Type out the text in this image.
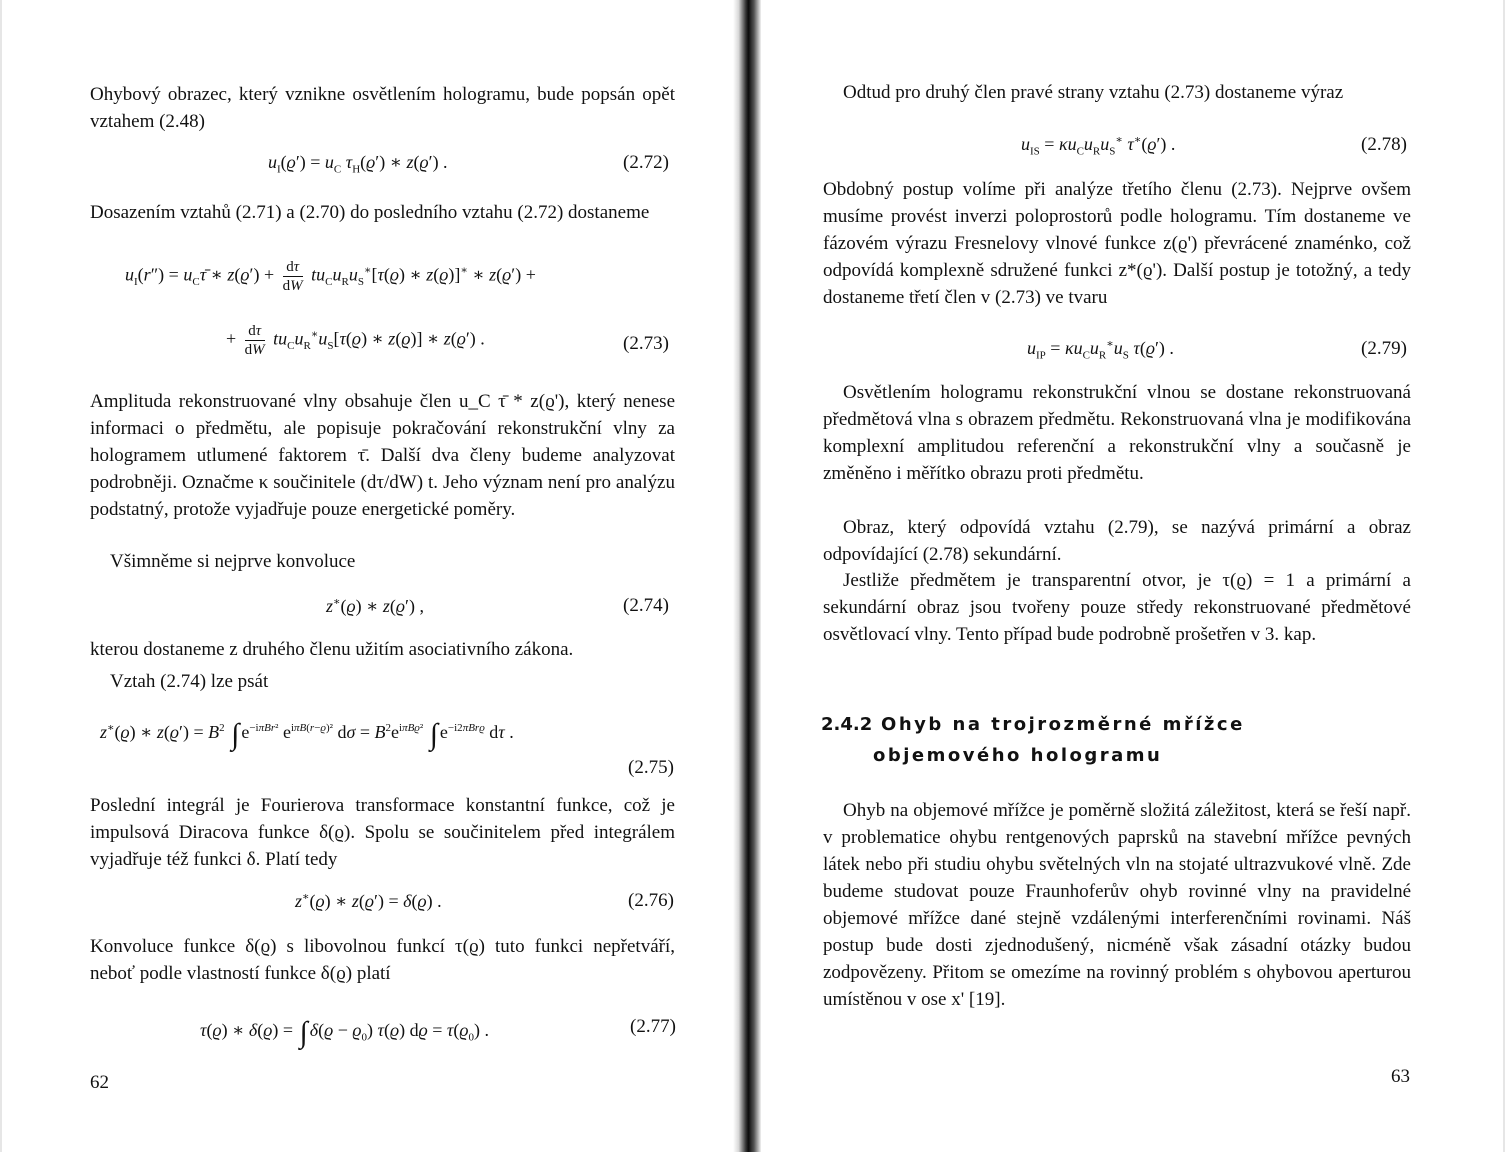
Ohybový obrazec, který vznikne osvětlením hologramu, bude popsán opět vztahem (2.48)

$u_I(ϱ') = u_C$ $\tau_H(ϱ')$ ∗ z(ϱ′) .	(2.72)

Dosazením vztahů (2.71) a (2.70) do posledního vztahu (2.72) dostaneme

$u_I(r'')$ = $u_C\taū$ ∗ $z(ϱ') + \frac{d\tau}{dW} tu_Cu_Ru_S^∗[\tau(ϱ)$ ∗ z(ϱ)]∗ ∗ z(ϱ′) +
+ $\frac{d\tau}{dW} tu_Cu_R^∗u_S[\tau(ϱ)$ ∗ z(ϱ)] ∗ z(ϱ′) .	(2.73)

Amplituda rekonstruované vlny obsahuje člen u_C τ̄ * z(ϱ'), který nenese informaci o předmětu, ale popisuje pokračování rekonstrukční vlny za hologramem utlumené faktorem τ̄. Další dva členy budeme analyzovat podrobněji. Označme κ součinitele (dτ/dW) t. Jeho význam není pro analýzu podstatný, protože vyjadřuje pouze energetické poměry.

Všimněme si nejprve konvoluce

z∗(ϱ) ∗ z(ϱ′) ,	(2.74)

kterou dostaneme z druhého členu užitím asociativního zákona.

Vztah (2.74) lze psát

z∗(ϱ) ∗ $z(ϱ') = B^2$ ∫ $e^{-i\pi Br^2}$ $e^{i\pi B(r-ϱ)^2}$ $d\sigma = B^2e^{i\pi Bϱ^2}$ ∫ $e^{-i2\pi Brϱ}$ dτ .
(2.75)

Poslední integrál je Fourierova transformace konstantní funkce, což je impulsová Diracova funkce δ(ϱ). Spolu se součinitelem před integrálem vyjadřuje též funkci δ. Platí tedy

z∗(ϱ) ∗ z(ϱ′) = δ(ϱ) .	(2.76)

Konvoluce funkce δ(ϱ) s libovolnou funkcí τ(ϱ) tuto funkci nepřetváří, neboť podle vlastností funkce δ(ϱ) platí

τ(ϱ) ∗ δ(ϱ) = ∫ $\delta(ϱ - ϱ_0)$ τ(ϱ) $dϱ = \tau(ϱ_0)$ .	(2.77)
62

Odtud pro druhý člen pravé strany vztahu (2.73) dostaneme výraz

$u_{IS} = \kappa u_Cu_Ru_S^∗$ τ∗(ϱ′) .	(2.78)

Obdobný postup volíme při analýze třetího členu (2.73). Nejprve ovšem musíme provést inverzi poloprostorů podle hologramu. Tím dostaneme ve fázovém výrazu Fresnelovy vlnové funkce z(ϱ') převrácené znaménko, což odpovídá komplexně sdružené funkci z*(ϱ'). Další postup je totožný, a tedy dostaneme třetí člen v (2.73) ve tvaru

$u_{IP} = \kappa u_Cu_R^∗u_S$ τ(ϱ′) .	(2.79)

Osvětlením hologramu rekonstrukční vlnou se dostane rekonstruovaná předmětová vlna s obrazem předmětu. Rekonstruovaná vlna je modifikována komplexní amplitudou referenční a rekonstrukční vlny a současně je změněno i měřítko obrazu proti předmětu.

Obraz, který odpovídá vztahu (2.79), se nazývá primární a obraz odpovídající (2.78) sekundární.

Jestliže předmětem je transparentní otvor, je τ(ϱ) = 1 a primární a sekundární obraz jsou tvořeny pouze středy rekonstruované předmětové osvětlovací vlny. Tento případ bude podrobně prošetřen v 3. kap.

2.4.2 Ohyb na trojrozměrné mřížce
objemového hologramu

Ohyb na objemové mřížce je poměrně složitá záležitost, která se řeší např. v problematice ohybu rentgenových paprsků na stavební mřížce pevných látek nebo při studiu ohybu světelných vln na stojaté ultrazvukové vlně. Zde budeme studovat pouze Fraunhoferův ohyb rovinné vlny na pravidelné objemové mřížce dané stejně vzdálenými interferenčními rovinami. Náš postup bude dosti zjednodušený, nicméně však zásadní otázky budou zodpovězeny. Přitom se omezíme na rovinný problém s ohybovou aperturou umístěnou v ose x' [19].

63
